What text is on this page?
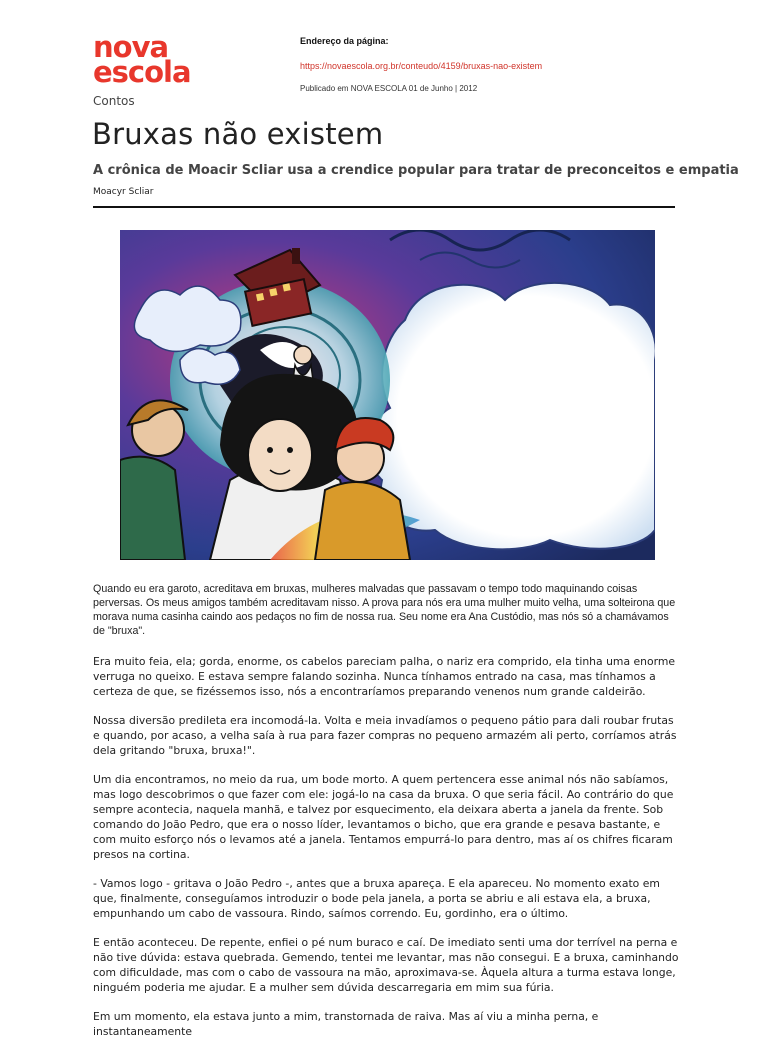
nova
escola
Endereço da página:
https://novaescola.org.br/conteudo/4159/bruxas-nao-existem
Publicado em NOVA ESCOLA 01 de Junho | 2012
Contos
Bruxas não existem
A crônica de Moacir Scliar usa a crendice popular para tratar de preconceitos e empatia
Moacyr Scliar

Quando eu era garoto, acreditava em bruxas, mulheres malvadas que passavam o tempo todo maquinando coisas perversas. Os meus amigos também acreditavam nisso. A prova para nós era uma mulher muito velha, uma solteirona que morava numa casinha caindo aos pedaços no fim de nossa rua. Seu nome era Ana Custódio, mas nós só a chamávamos de "bruxa".

Era muito feia, ela; gorda, enorme, os cabelos pareciam palha, o nariz era comprido, ela tinha uma enorme verruga no queixo. E estava sempre falando sozinha. Nunca tínhamos entrado na casa, mas tínhamos a certeza de que, se fizéssemos isso, nós a encontraríamos preparando venenos num grande caldeirão.

Nossa diversão predileta era incomodá-la. Volta e meia invadíamos o pequeno pátio para dali roubar frutas e quando, por acaso, a velha saía à rua para fazer compras no pequeno armazém ali perto, corríamos atrás dela gritando "bruxa, bruxa!".

Um dia encontramos, no meio da rua, um bode morto. A quem pertencera esse animal nós não sabíamos, mas logo descobrimos o que fazer com ele: jogá-lo na casa da bruxa. O que seria fácil. Ao contrário do que sempre acontecia, naquela manhã, e talvez por esquecimento, ela deixara aberta a janela da frente. Sob comando do João Pedro, que era o nosso líder, levantamos o bicho, que era grande e pesava bastante, e com muito esforço nós o levamos até a janela. Tentamos empurrá-lo para dentro, mas aí os chifres ficaram presos na cortina.

- Vamos logo - gritava o João Pedro -, antes que a bruxa apareça. E ela apareceu. No momento exato em que, finalmente, conseguíamos introduzir o bode pela janela, a porta se abriu e ali estava ela, a bruxa, empunhando um cabo de vassoura. Rindo, saímos correndo. Eu, gordinho, era o último.

E então aconteceu. De repente, enfiei o pé num buraco e caí. De imediato senti uma dor terrível na perna e não tive dúvida: estava quebrada. Gemendo, tentei me levantar, mas não consegui. E a bruxa, caminhando com dificuldade, mas com o cabo de vassoura na mão, aproximava-se. Àquela altura a turma estava longe, ninguém poderia me ajudar. E a mulher sem dúvida descarregaria em mim sua fúria.

Em um momento, ela estava junto a mim, transtornada de raiva. Mas aí viu a minha perna, e instantaneamente
